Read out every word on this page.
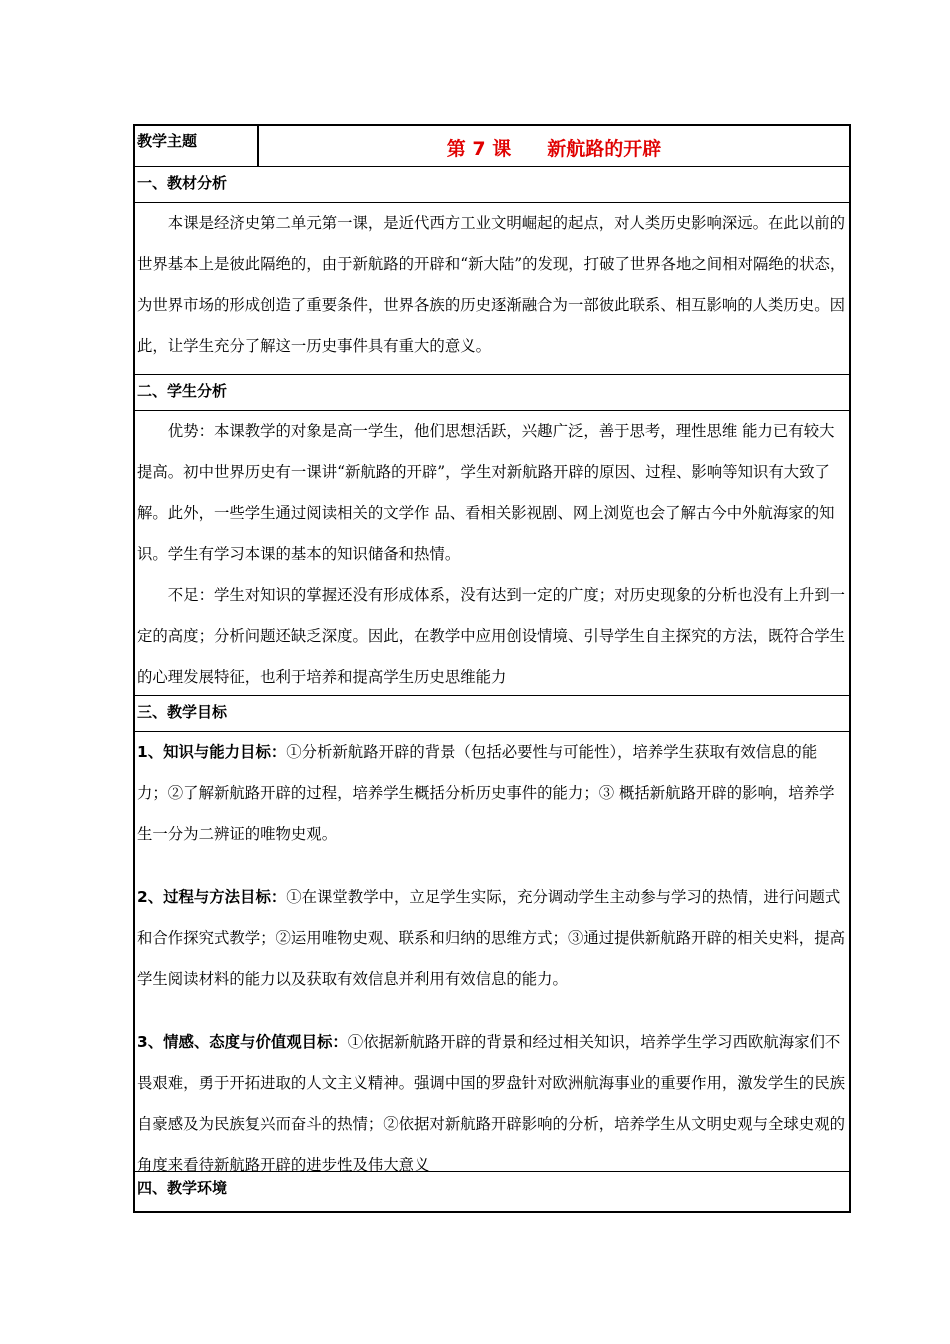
教学主题	第 7 课 新航路的开辟
一、教材分析
本课是经济史第二单元第一课，是近代西方工业文明崛起的起点，对人类历史影响深远。在此以前的世界基本上是彼此隔绝的，由于新航路的开辟和“新大陆”的发现，打破了世界各地之间相对隔绝的状态，为世界市场的形成创造了重要条件，世界各族的历史逐渐融合为一部彼此联系、相互影响的人类历史。因此，让学生充分了解这一历史事件具有重大的意义。
二、学生分析
优势：本课教学的对象是高一学生，他们思想活跃，兴趣广泛，善于思考，理性思维 能力已有较大提高。初中世界历史有一课讲“新航路的开辟”，学生对新航路开辟的原因、过程、影响等知识有大致了解。此外，一些学生通过阅读相关的文学作 品、看相关影视剧、网上浏览也会了解古今中外航海家的知识。学生有学习本课的基本的知识储备和热情。
不足：学生对知识的掌握还没有形成体系，没有达到一定的广度；对历史现象的分析也没有上升到一定的高度；分析问题还缺乏深度。因此，在教学中应用创设情境、引导学生自主探究的方法，既符合学生的心理发展特征，也利于培养和提高学生历史思维能力
三、教学目标

1、知识与能力目标：①分析新航路开辟的背景（包括必要性与可能性），培养学生获取有效信息的能力；②了解新航路开辟的过程，培养学生概括分析历史事件的能力；③ 概括新航路开辟的影响，培养学生一分为二辨证的唯物史观。

2、过程与方法目标：①在课堂教学中，立足学生实际，充分调动学生主动参与学习的热情，进行问题式和合作探究式教学；②运用唯物史观、联系和归纳的思维方式；③通过提供新航路开辟的相关史料，提高学生阅读材料的能力以及获取有效信息并利用有效信息的能力。

3、情感、态度与价值观目标：①依据新航路开辟的背景和经过相关知识，培养学生学习西欧航海家们不畏艰难，勇于开拓进取的人文主义精神。强调中国的罗盘针对欧洲航海事业的重要作用，激发学生的民族自豪感及为民族复兴而奋斗的热情；②依据对新航路开辟影响的分析，培养学生从文明史观与全球史观的角度来看待新航路开辟的进步性及伟大意义

四、教学环境
